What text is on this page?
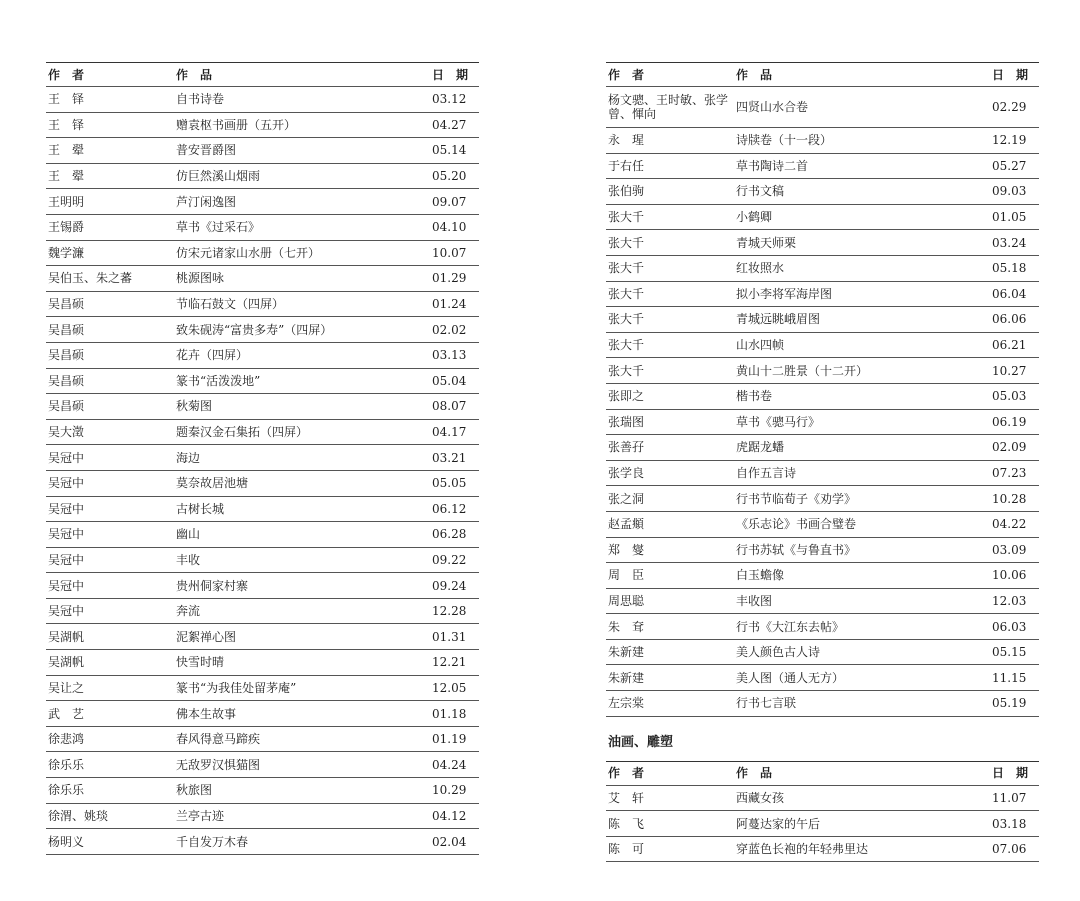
作　者	作　品	日　期
王　铎	自书诗卷	03.12
王　铎	赠袁枢书画册（五开）	04.27
王　翚	普安晋爵图	05.14
王　翚	仿巨然溪山烟雨	05.20
王明明	芦汀闲逸图	09.07
王锡爵	草书《过采石》	04.10
魏学濂	仿宋元诸家山水册（七开）	10.07
吴伯玉、朱之蕃	桃源图咏	01.29
吴昌硕	节临石鼓文（四屏）	01.24
吴昌硕	致朱砚涛“富贵多寿”（四屏）	02.02
吴昌硕	花卉（四屏）	03.13
吴昌硕	篆书“活泼泼地”	05.04
吴昌硕	秋菊图	08.07
吴大澂	题秦汉金石集拓（四屏）	04.17
吴冠中	海边	03.21
吴冠中	莫奈故居池塘	05.05
吴冠中	古树长城	06.12
吴冠中	幽山	06.28
吴冠中	丰收	09.22
吴冠中	贵州侗家村寨	09.24
吴冠中	奔流	12.28
吴湖帆	泥絮禅心图	01.31
吴湖帆	快雪时晴	12.21
吴让之	篆书“为我佳处留茅庵”	12.05
武　艺	佛本生故事	01.18
徐悲鸿	春风得意马蹄疾	01.19
徐乐乐	无敌罗汉惧猫图	04.24
徐乐乐	秋旅图	10.29
徐渭、姚琰	兰亭古迹	04.12
杨明义	千自发万木春	02.04
作　者	作　品	日　期
杨文骢、王时敏、张学曾、惲向	四贤山水合卷	02.29
永　瑆	诗牍卷（十一段）	12.19
于右任	草书陶诗二首	05.27
张伯驹	行书文稿	09.03
张大千	小鹤卿	01.05
张大千	青城天师栗	03.24
张大千	红妆照水	05.18
张大千	拟小李将军海岸图	06.04
张大千	青城远眺峨眉图	06.06
张大千	山水四帧	06.21
张大千	黄山十二胜景（十二开）	10.27
张即之	楷书卷	05.03
张瑞图	草书《骢马行》	06.19
张善孖	虎踞龙蟠	02.09
张学良	自作五言诗	07.23
张之洞	行书节临荀子《劝学》	10.28
赵孟頫	《乐志论》书画合璧卷	04.22
郑　燮	行书苏轼《与鲁直书》	03.09
周　臣	白玉蟾像	10.06
周思聪	丰收图	12.03
朱　耷	行书《大江东去帖》	06.03
朱新建	美人颜色古人诗	05.15
朱新建	美人图（通人无方）	11.15
左宗棠	行书七言联	05.19
油画、雕塑
作　者	作　品	日　期
艾　轩	西藏女孩	11.07
陈　飞	阿蔓达家的午后	03.18
陈　可	穿蓝色长袍的年轻弗里达	07.06
